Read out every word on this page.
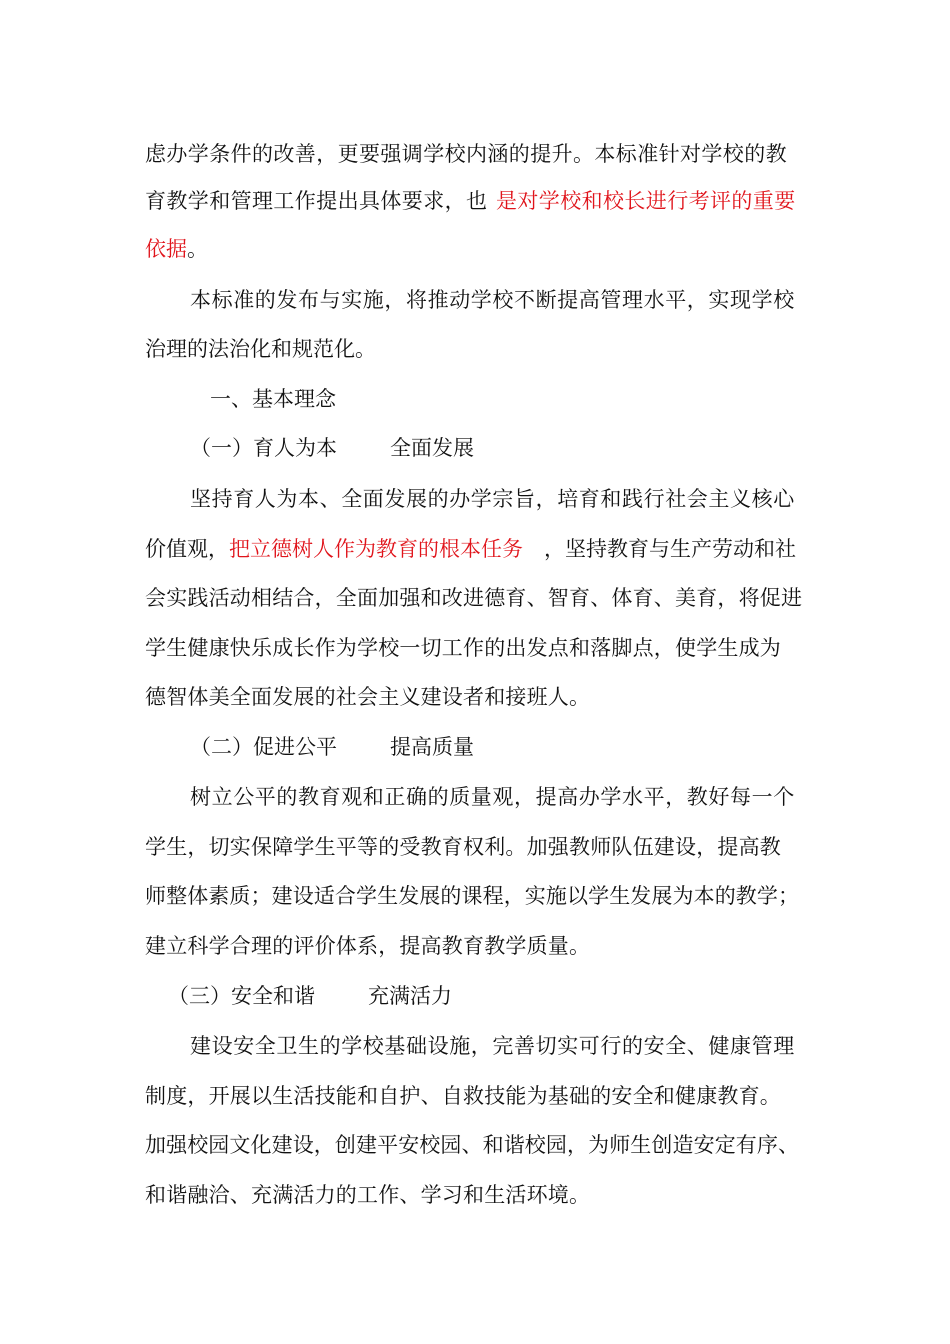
虑办学条件的改善，更要强调学校内涵的提升。本标准针对学校的教
育教学和管理工作提出具体要求，也 是对学校和校长进行考评的重要
依据 。
本标准的发布与实施，将推动学校不断提高管理水平，实现学校
治理的法治化和规范化。
一、基本理念
（一）育人为本	全面发展
坚持育人为本、全面发展的办学宗旨，培育和践行社会主义核心
价值观， 把立德树人作为教育的根本任务 ，坚持教育与生产劳动和社
会实践活动相结合，全面加强和改进德育、智育、体育、美育，将促进
学生健康快乐成长作为学校一切工作的出发点和落脚点，使学生成为
德智体美全面发展的社会主义建设者和接班人。
（二）促进公平	提高质量
树立公平的教育观和正确的质量观，提高办学水平，教好每一个
学生，切实保障学生平等的受教育权利。加强教师队伍建设，提高教
师整体素质；建设适合学生发展的课程，实施以学生发展为本的教学；
建立科学合理的评价体系，提高教育教学质量。
（三）安全和谐	充满活力
建设安全卫生的学校基础设施，完善切实可行的安全、健康管理
制度，开展以生活技能和自护、自救技能为基础的安全和健康教育。
加强校园文化建设，创建平安校园、和谐校园，为师生创造安定有序、
和谐融洽、充满活力的工作、学习和生活环境。
